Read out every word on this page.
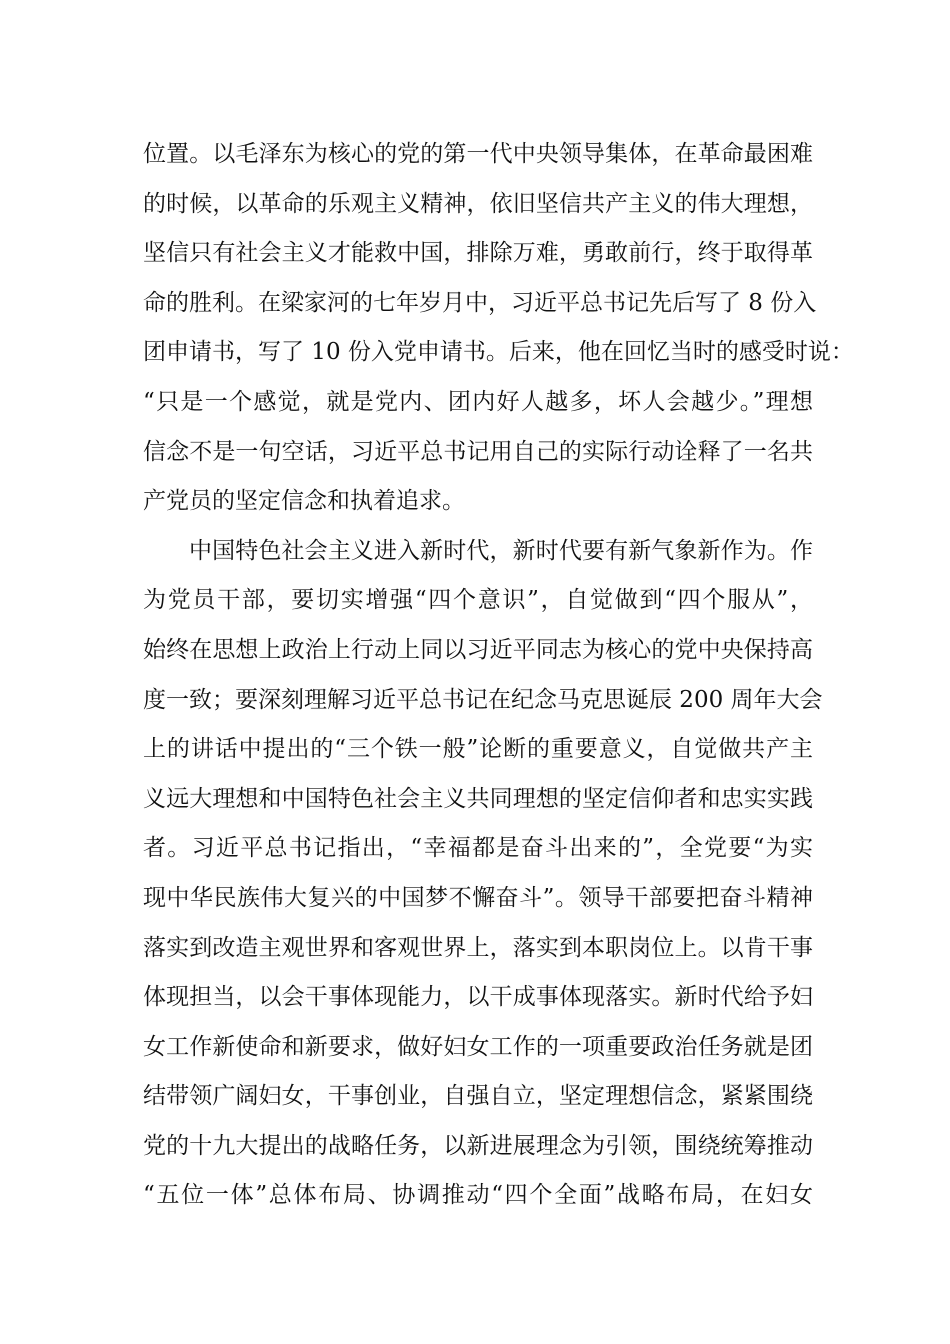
位置。以毛泽东为核心的党的第一代中央领导集体，在革命最困难
的时候，以革命的乐观主义精神，依旧坚信共产主义的伟大理想，
坚信只有社会主义才能救中国，排除万难，勇敢前行，终于取得革
命的胜利。在梁家河的七年岁月中，习近平总书记先后写了 8 份入
团申请书，写了 10 份入党申请书。后来，他在回忆当时的感受时说：
“只是一个感觉，就是党内、团内好人越多，坏人会越少。”理想
信念不是一句空话，习近平总书记用自己的实际行动诠释了一名共
产党员的坚定信念和执着追求。
中国特色社会主义进入新时代，新时代要有新气象新作为。作
为党员干部，要切实增强“四个意识”，自觉做到“四个服从”，
始终在思想上政治上行动上同以习近平同志为核心的党中央保持高
度一致；要深刻理解习近平总书记在纪念马克思诞辰 200 周年大会
上的讲话中提出的“三个铁一般”论断的重要意义，自觉做共产主
义远大理想和中国特色社会主义共同理想的坚定信仰者和忠实实践
者。习近平总书记指出，“幸福都是奋斗出来的”，全党要“为实
现中华民族伟大复兴的中国梦不懈奋斗”。领导干部要把奋斗精神
落实到改造主观世界和客观世界上，落实到本职岗位上。以肯干事
体现担当，以会干事体现能力，以干成事体现落实。新时代给予妇
女工作新使命和新要求，做好妇女工作的一项重要政治任务就是团
结带领广阔妇女，干事创业，自强自立，坚定理想信念，紧紧围绕
党的十九大提出的战略任务，以新进展理念为引领，围绕统筹推动
“五位一体”总体布局、协调推动“四个全面”战略布局，在妇女
